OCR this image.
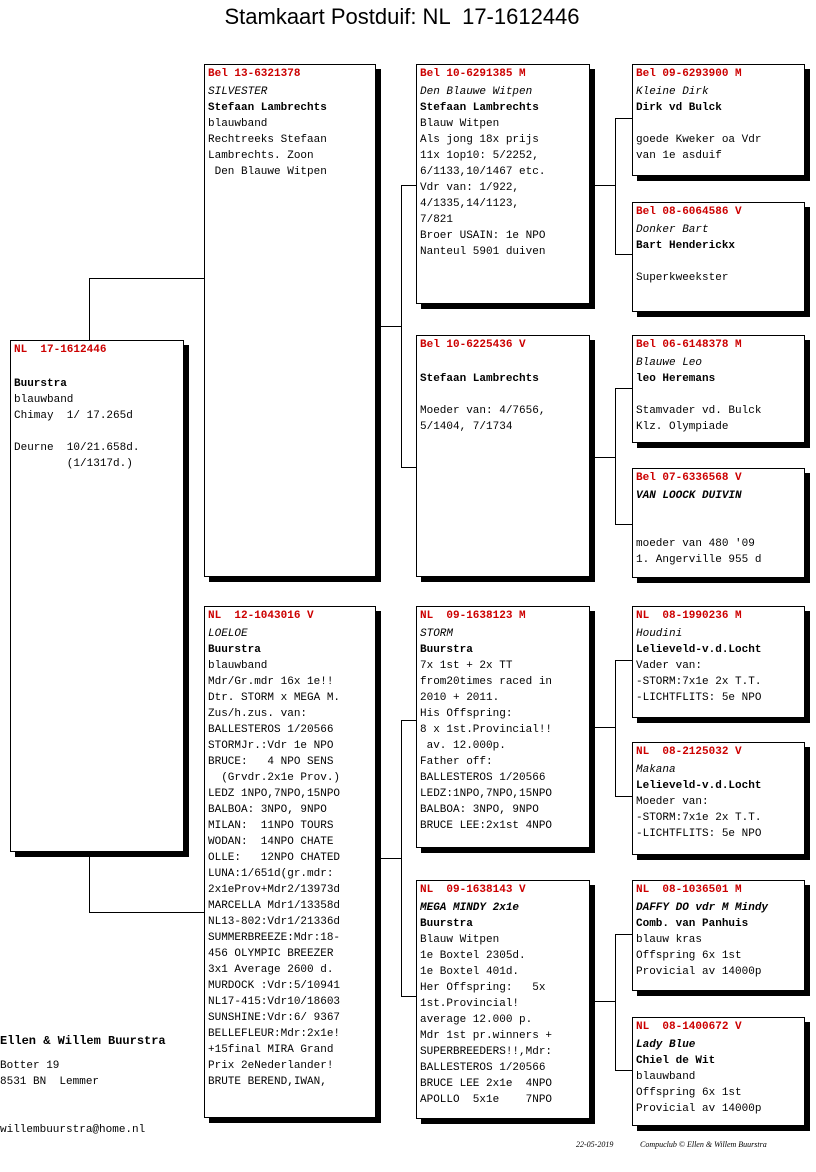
Stamkaart Postduif: NL  17-1612446
NL  17-1612446
Buurstra
blauwband
Chimay  1/ 17.265d
Deurne  10/21.658d.
(1/1317d.)
Bel 13-6321378
SILVESTER
Stefaan Lambrechts
blauwband
Rechtreeks Stefaan
Lambrechts. Zoon
Den Blauwe Witpen
NL  12-1043016 V
LOELOE
Buurstra
blauwband
Mdr/Gr.mdr 16x 1e!!
Dtr. STORM x MEGA M.
Zus/h.zus. van:
BALLESTEROS 1/20566
STORMJr.:Vdr 1e NPO
BRUCE:   4 NPO SENS
(Grvdr.2x1e Prov.)
LEDZ 1NPO,7NPO,15NPO
BALBOA: 3NPO, 9NPO
MILAN:  11NPO TOURS
WODAN:  14NPO CHATE
OLLE:   12NPO CHATED
LUNA:1/651d(gr.mdr:
2x1eProv+Mdr2/13973d
MARCELLA Mdr1/13358d
NL13-802:Vdr1/21336d
SUMMERBREEZE:Mdr:18-
456 OLYMPIC BREEZER
3x1 Average 2600 d.
MURDOCK :Vdr:5/10941
NL17-415:Vdr10/18603
SUNSHINE:Vdr:6/ 9367
BELLEFLEUR:Mdr:2x1e!
+15final MIRA Grand
Prix 2eNederlander!
BRUTE BEREND,IWAN,
Bel 10-6291385 M
Den Blauwe Witpen
Stefaan Lambrechts
Blauw Witpen
Als jong 18x prijs
11x 1op10: 5/2252,
6/1133,10/1467 etc.
Vdr van: 1/922,
4/1335,14/1123,
7/821
Broer USAIN: 1e NPO
Nanteul 5901 duiven
Bel 10-6225436 V
Stefaan Lambrechts
Moeder van: 4/7656,
5/1404, 7/1734
NL  09-1638123 M
STORM
Buurstra
7x 1st + 2x TT
from20times raced in
2010 + 2011.
His Offspring:
8 x 1st.Provincial!!
av. 12.000p.
Father off:
BALLESTEROS 1/20566
LEDZ:1NPO,7NPO,15NPO
BALBOA: 3NPO, 9NPO
BRUCE LEE:2x1st 4NPO
NL  09-1638143 V
MEGA MINDY 2x1e
Buurstra
Blauw Witpen
1e Boxtel 2305d.
1e Boxtel 401d.
Her Offspring:   5x
1st.Provincial!
average 12.000 p.
Mdr 1st pr.winners +
SUPERBREEDERS!!,Mdr:
BALLESTEROS 1/20566
BRUCE LEE 2x1e  4NPO
APOLLO  5x1e    7NPO
Bel 09-6293900 M
Kleine Dirk
Dirk vd Bulck
goede Kweker oa Vdr
van 1e asduif
Bel 08-6064586 V
Donker Bart
Bart Henderickx
Superkweekster
Bel 06-6148378 M
Blauwe Leo
leo Heremans
Stamvader vd. Bulck
Klz. Olympiade
Bel 07-6336568 V
VAN LOOCK DUIVIN
moeder van 480 '09
1. Angerville 955 d
NL  08-1990236 M
Houdini
Lelieveld-v.d.Locht
Vader van:
-STORM:7x1e 2x T.T.
-LICHTFLITS: 5e NPO
NL  08-2125032 V
Makana
Lelieveld-v.d.Locht
Moeder van:
-STORM:7x1e 2x T.T.
-LICHTFLITS: 5e NPO
NL  08-1036501 M
DAFFY DO vdr M Mindy
Comb. van Panhuis
blauw kras
Offspring 6x 1st
Provicial av 14000p
NL  08-1400672 V
Lady Blue
Chiel de Wit
blauwband
Offspring 6x 1st
Provicial av 14000p
Ellen & Willem Buurstra
Botter 19
8531 BN  Lemmer
willembuurstra@home.nl
22-05-2019	Compuclub © Ellen & Willem Buurstra
